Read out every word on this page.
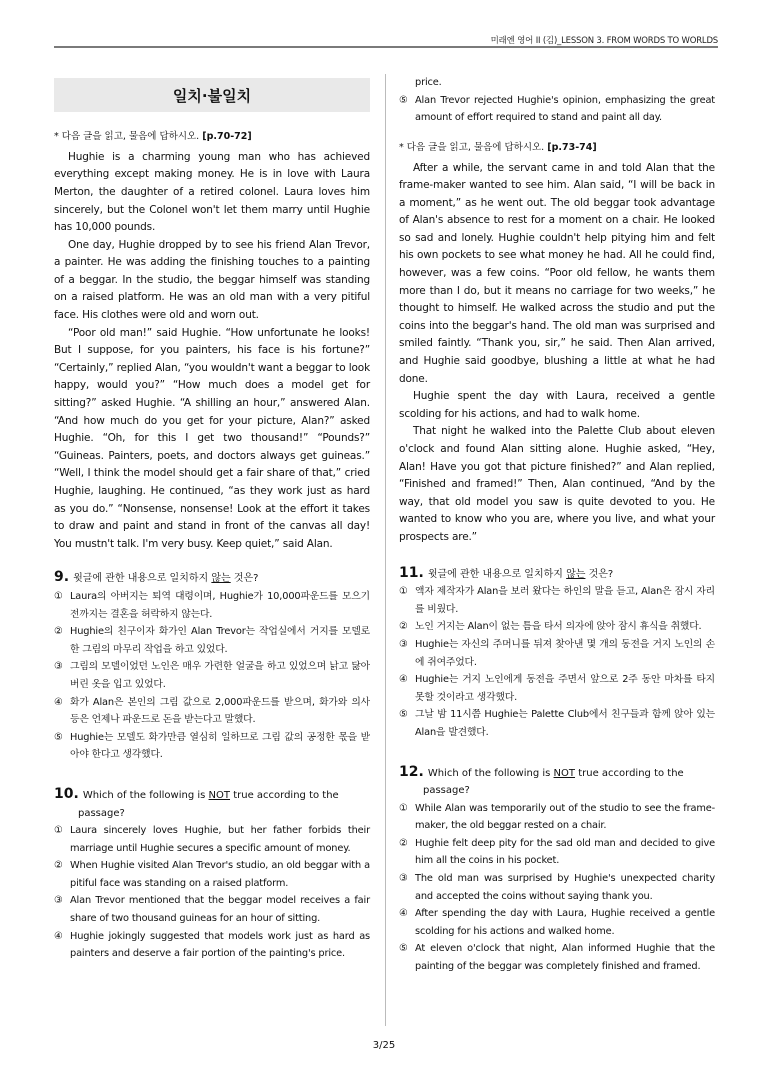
미래엔 영어 II (김)_LESSON 3. FROM WORDS TO WORLDS
일치·불일치
* 다음 글을 읽고, 물음에 답하시오. [p.70-72]

Hughie is a charming young man who has achieved everything except making money. He is in love with Laura Merton, the daughter of a retired colonel. Laura loves him sincerely, but the Colonel won't let them marry until Hughie has 10,000 pounds.

One day, Hughie dropped by to see his friend Alan Trevor, a painter. He was adding the finishing touches to a painting of a beggar. In the studio, the beggar himself was standing on a raised platform. He was an old man with a very pitiful face. His clothes were old and worn out.

“Poor old man!” said Hughie. “How unfortunate he looks! But I suppose, for you painters, his face is his fortune?” “Certainly,” replied Alan, “you wouldn't want a beggar to look happy, would you?” “How much does a model get for sitting?” asked Hughie. “A shilling an hour,” answered Alan. “And how much do you get for your picture, Alan?” asked Hughie. “Oh, for this I get two thousand!” “Pounds?” “Guineas. Painters, poets, and doctors always get guineas.” “Well, I think the model should get a fair share of that,” cried Hughie, laughing. He continued, “as they work just as hard as you do.” “Nonsense, nonsense! Look at the effort it takes to draw and paint and stand in front of the canvas all day! You mustn't talk. I'm very busy. Keep quiet,” said Alan.

9. 윗글에 관한 내용으로 일치하지 않는 것은?
① Laura의 아버지는 퇴역 대령이며, Hughie가 10,000파운드를 모으기 전까지는 결혼을 허락하지 않는다.
② Hughie의 친구이자 화가인 Alan Trevor는 작업실에서 거지를 모델로 한 그림의 마무리 작업을 하고 있었다.
③ 그림의 모델이었던 노인은 매우 가련한 얼굴을 하고 있었으며 낡고 닳아 버린 옷을 입고 있었다.
④ 화가 Alan은 본인의 그림 값으로 2,000파운드를 받으며, 화가와 의사 등은 언제나 파운드로 돈을 받는다고 말했다.
⑤ Hughie는 모델도 화가만큼 열심히 일하므로 그림 값의 공정한 몫을 받아야 한다고 생각했다.
10. Which of the following is NOT true according to the passage?
① Laura sincerely loves Hughie, but her father forbids their marriage until Hughie secures a specific amount of money.
② When Hughie visited Alan Trevor's studio, an old beggar with a pitiful face was standing on a raised platform.
③ Alan Trevor mentioned that the beggar model receives a fair share of two thousand guineas for an hour of sitting.
④ Hughie jokingly suggested that models work just as hard as painters and deserve a fair portion of the painting's price.
price.
⑤ Alan Trevor rejected Hughie's opinion, emphasizing the great amount of effort required to stand and paint all day.
* 다음 글을 읽고, 물음에 답하시오. [p.73-74]

After a while, the servant came in and told Alan that the frame-maker wanted to see him. Alan said, “I will be back in a moment,” as he went out. The old beggar took advantage of Alan's absence to rest for a moment on a chair. He looked so sad and lonely. Hughie couldn't help pitying him and felt his own pockets to see what money he had. All he could find, however, was a few coins. “Poor old fellow, he wants them more than I do, but it means no carriage for two weeks,” he thought to himself. He walked across the studio and put the coins into the beggar's hand. The old man was surprised and smiled faintly. “Thank you, sir,” he said. Then Alan arrived, and Hughie said goodbye, blushing a little at what he had done.

Hughie spent the day with Laura, received a gentle scolding for his actions, and had to walk home.

That night he walked into the Palette Club about eleven o'clock and found Alan sitting alone. Hughie asked, “Hey, Alan! Have you got that picture finished?” and Alan replied, “Finished and framed!” Then, Alan continued, “And by the way, that old model you saw is quite devoted to you. He wanted to know who you are, where you live, and what your prospects are.”

11. 윗글에 관한 내용으로 일치하지 않는 것은?
① 액자 제작자가 Alan을 보러 왔다는 하인의 말을 듣고, Alan은 잠시 자리를 비웠다.
② 노인 거지는 Alan이 없는 틈을 타서 의자에 앉아 잠시 휴식을 취했다.
③ Hughie는 자신의 주머니를 뒤져 찾아낸 몇 개의 동전을 거지 노인의 손에 쥐여주었다.
④ Hughie는 거지 노인에게 동전을 주면서 앞으로 2주 동안 마차를 타지 못할 것이라고 생각했다.
⑤ 그날 밤 11시쯤 Hughie는 Palette Club에서 친구들과 함께 앉아 있는 Alan을 발견했다.
12. Which of the following is NOT true according to the passage?
① While Alan was temporarily out of the studio to see the frame-maker, the old beggar rested on a chair.
② Hughie felt deep pity for the sad old man and decided to give him all the coins in his pocket.
③ The old man was surprised by Hughie's unexpected charity and accepted the coins without saying thank you.
④ After spending the day with Laura, Hughie received a gentle scolding for his actions and walked home.
⑤ At eleven o'clock that night, Alan informed Hughie that the painting of the beggar was completely finished and framed.
3/25
